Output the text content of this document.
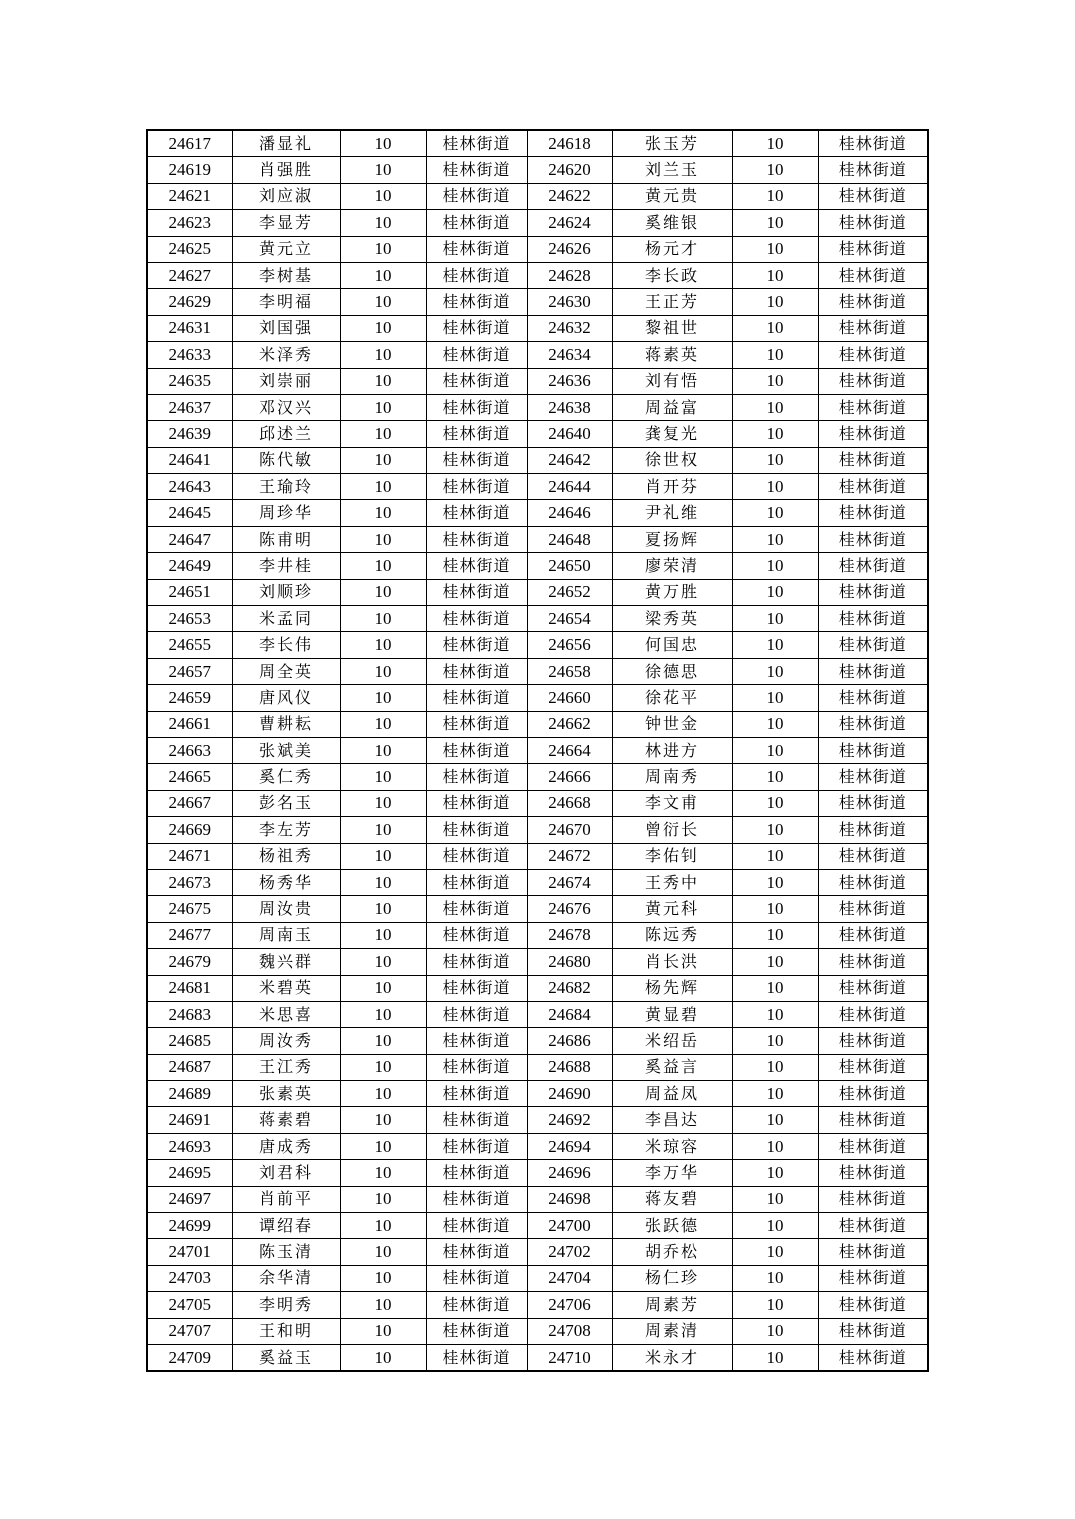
24617	潘显礼	10	桂林街道	24618	张玉芳	10	桂林街道
24619	肖强胜	10	桂林街道	24620	刘兰玉	10	桂林街道
24621	刘应淑	10	桂林街道	24622	黄元贵	10	桂林街道
24623	李显芳	10	桂林街道	24624	奚维银	10	桂林街道
24625	黄元立	10	桂林街道	24626	杨元才	10	桂林街道
24627	李树基	10	桂林街道	24628	李长政	10	桂林街道
24629	李明福	10	桂林街道	24630	王正芳	10	桂林街道
24631	刘国强	10	桂林街道	24632	黎祖世	10	桂林街道
24633	米泽秀	10	桂林街道	24634	蒋素英	10	桂林街道
24635	刘崇丽	10	桂林街道	24636	刘有悟	10	桂林街道
24637	邓汉兴	10	桂林街道	24638	周益富	10	桂林街道
24639	邱述兰	10	桂林街道	24640	龚复光	10	桂林街道
24641	陈代敏	10	桂林街道	24642	徐世权	10	桂林街道
24643	王瑜玲	10	桂林街道	24644	肖开芬	10	桂林街道
24645	周珍华	10	桂林街道	24646	尹礼维	10	桂林街道
24647	陈甫明	10	桂林街道	24648	夏扬辉	10	桂林街道
24649	李井桂	10	桂林街道	24650	廖荣清	10	桂林街道
24651	刘顺珍	10	桂林街道	24652	黄万胜	10	桂林街道
24653	米孟同	10	桂林街道	24654	梁秀英	10	桂林街道
24655	李长伟	10	桂林街道	24656	何国忠	10	桂林街道
24657	周全英	10	桂林街道	24658	徐德思	10	桂林街道
24659	唐风仪	10	桂林街道	24660	徐花平	10	桂林街道
24661	曹耕耘	10	桂林街道	24662	钟世金	10	桂林街道
24663	张斌美	10	桂林街道	24664	林进方	10	桂林街道
24665	奚仁秀	10	桂林街道	24666	周南秀	10	桂林街道
24667	彭名玉	10	桂林街道	24668	李文甫	10	桂林街道
24669	李左芳	10	桂林街道	24670	曾衍长	10	桂林街道
24671	杨祖秀	10	桂林街道	24672	李佑钊	10	桂林街道
24673	杨秀华	10	桂林街道	24674	王秀中	10	桂林街道
24675	周汝贵	10	桂林街道	24676	黄元科	10	桂林街道
24677	周南玉	10	桂林街道	24678	陈远秀	10	桂林街道
24679	魏兴群	10	桂林街道	24680	肖长洪	10	桂林街道
24681	米碧英	10	桂林街道	24682	杨先辉	10	桂林街道
24683	米思喜	10	桂林街道	24684	黄显碧	10	桂林街道
24685	周汝秀	10	桂林街道	24686	米绍岳	10	桂林街道
24687	王江秀	10	桂林街道	24688	奚益言	10	桂林街道
24689	张素英	10	桂林街道	24690	周益凤	10	桂林街道
24691	蒋素碧	10	桂林街道	24692	李昌达	10	桂林街道
24693	唐成秀	10	桂林街道	24694	米琼容	10	桂林街道
24695	刘君科	10	桂林街道	24696	李万华	10	桂林街道
24697	肖前平	10	桂林街道	24698	蒋友碧	10	桂林街道
24699	谭绍春	10	桂林街道	24700	张跃德	10	桂林街道
24701	陈玉清	10	桂林街道	24702	胡乔松	10	桂林街道
24703	余华清	10	桂林街道	24704	杨仁珍	10	桂林街道
24705	李明秀	10	桂林街道	24706	周素芳	10	桂林街道
24707	王和明	10	桂林街道	24708	周素清	10	桂林街道
24709	奚益玉	10	桂林街道	24710	米永才	10	桂林街道
